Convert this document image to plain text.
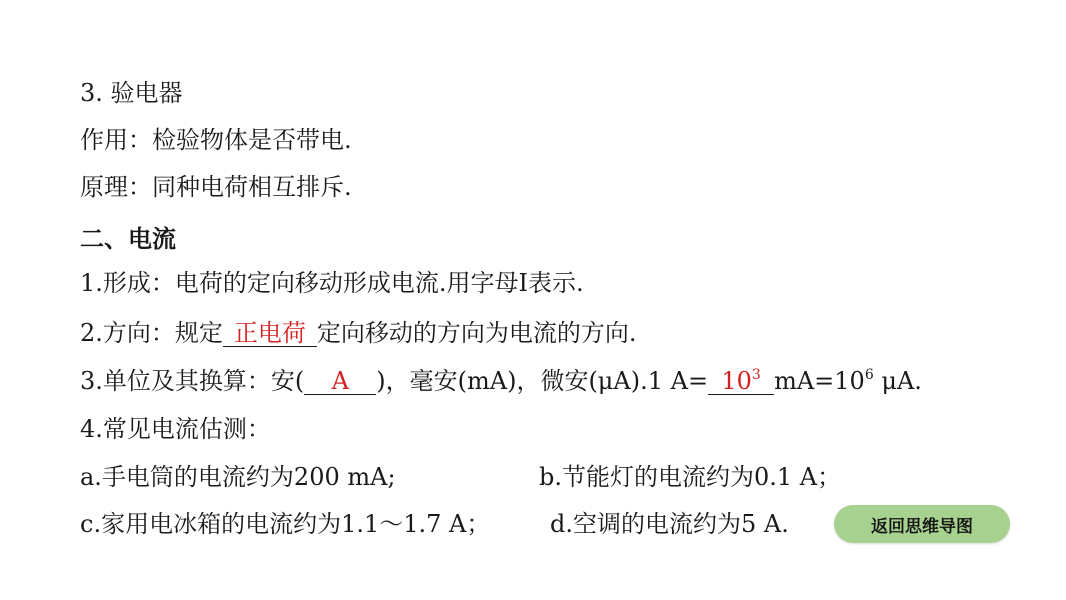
3. 验电器
作用：检验物体是否带电.
原理：同种电荷相互排斥.
二、电流
1.形成：电荷的定向移动形成电流.用字母I表示.
2.方向：规定 正电荷 定向移动的方向为电流的方向.
3.单位及其换算：安( A )，毫安(mA)，微安(μA).1 $A= 10^3$ $mA=10^6$ μA.
4.常见电流估测：
a.手电筒的电流约为200 mA;	b.节能灯的电流约为0.1 A；
c.家用电冰箱的电流约为1.1～1.7 A； d.空调的电流约为5 A.	返回思维导图
